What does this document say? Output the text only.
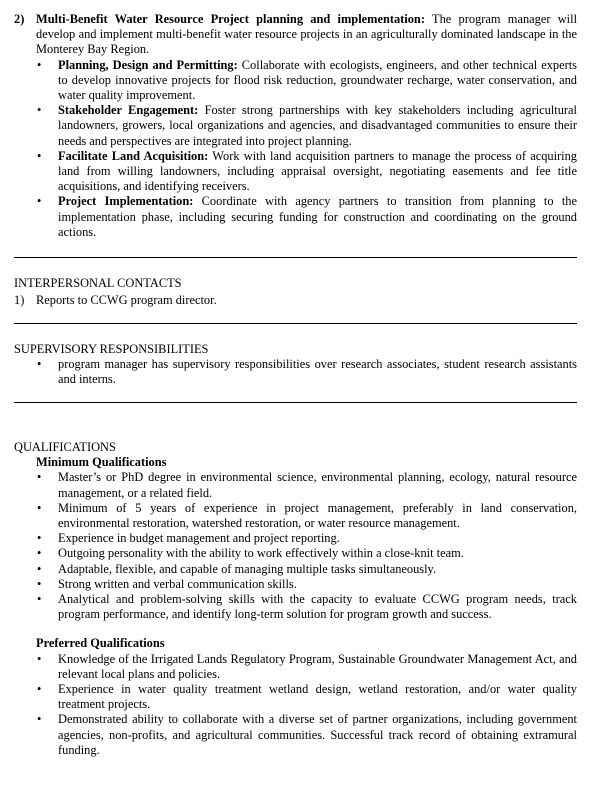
2) Multi-Benefit Water Resource Project planning and implementation: The program manager will develop and implement multi-benefit water resource projects in an agriculturally dominated landscape in the Monterey Bay Region.
• Planning, Design and Permitting: Collaborate with ecologists, engineers, and other technical experts to develop innovative projects for flood risk reduction, groundwater recharge, water conservation, and water quality improvement.
• Stakeholder Engagement: Foster strong partnerships with key stakeholders including agricultural landowners, growers, local organizations and agencies, and disadvantaged communities to ensure their needs and perspectives are integrated into project planning.
• Facilitate Land Acquisition: Work with land acquisition partners to manage the process of acquiring land from willing landowners, including appraisal oversight, negotiating easements and fee title acquisitions, and identifying receivers.
• Project Implementation: Coordinate with agency partners to transition from planning to the implementation phase, including securing funding for construction and coordinating on the ground actions.
INTERPERSONAL CONTACTS
1) Reports to CCWG program director.
SUPERVISORY RESPONSIBILITIES
• program manager has supervisory responsibilities over research associates, student research assistants and interns.
QUALIFICATIONS
Minimum Qualifications
• Master’s or PhD degree in environmental science, environmental planning, ecology, natural resource management, or a related field.
• Minimum of 5 years of experience in project management, preferably in land conservation, environmental restoration, watershed restoration, or water resource management.
• Experience in budget management and project reporting.
• Outgoing personality with the ability to work effectively within a close-knit team.
• Adaptable, flexible, and capable of managing multiple tasks simultaneously.
• Strong written and verbal communication skills.
• Analytical and problem-solving skills with the capacity to evaluate CCWG program needs, track program performance, and identify long-term solution for program growth and success.
Preferred Qualifications
• Knowledge of the Irrigated Lands Regulatory Program, Sustainable Groundwater Management Act, and relevant local plans and policies.
• Experience in water quality treatment wetland design, wetland restoration, and/or water quality treatment projects.
• Demonstrated ability to collaborate with a diverse set of partner organizations, including government agencies, non-profits, and agricultural communities. Successful track record of obtaining extramural funding.
